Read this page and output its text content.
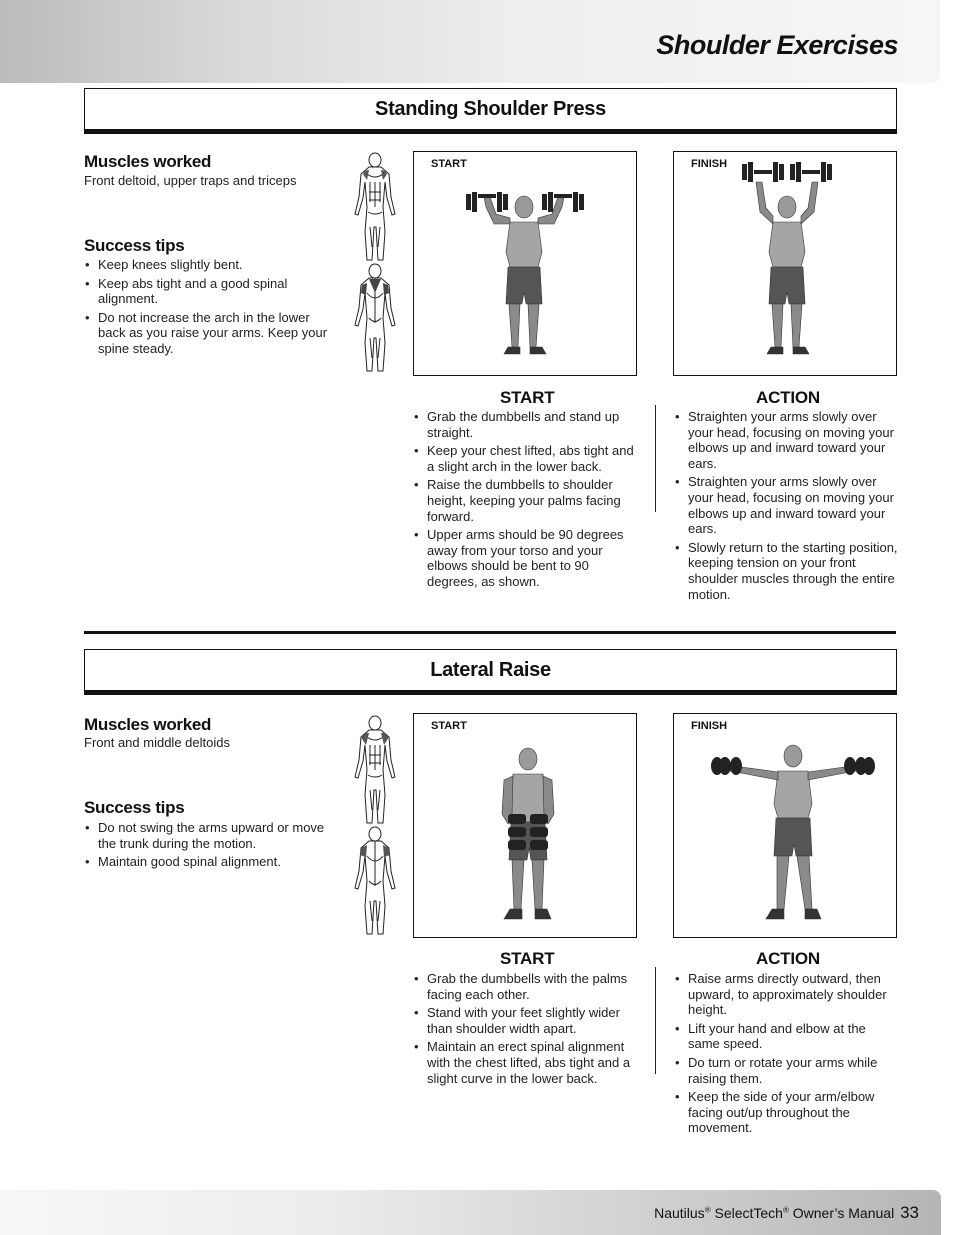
Shoulder Exercises
Standing Shoulder Press
Muscles worked
Front deltoid, upper traps and triceps
Success tips
• Keep knees slightly bent.
• Keep abs tight and a good spinal alignment.
• Do not increase the arch in the lower back as you raise your arms. Keep your spine steady.
START	FINISH
START
• Grab the dumbbells and stand up straight.
• Keep your chest lifted, abs tight and a slight arch in the lower back.
• Raise the dumbbells to shoulder height, keeping your palms facing forward.
• Upper arms should be 90 degrees away from your torso and your elbows should be bent to 90 degrees, as shown.
ACTION
• Straighten your arms slowly over your head, focusing on moving your elbows up and inward toward your ears.
• Straighten your arms slowly over your head, focusing on moving your elbows up and inward toward your ears.
• Slowly return to the starting position, keeping tension on your front shoulder muscles through the entire motion.
Lateral Raise
Muscles worked
Front and middle deltoids
Success tips
• Do not swing the arms upward or move the trunk during the motion.
• Maintain good spinal alignment.
START	FINISH
START
• Grab the dumbbells with the palms facing each other.
• Stand with your feet slightly wider than shoulder width apart.
• Maintain an erect spinal alignment with the chest lifted, abs tight and a slight curve in the lower back.
ACTION
• Raise arms directly outward, then upward, to approximately shoulder height.
• Lift your hand and elbow at the same speed.
• Do turn or rotate your arms while raising them.
• Keep the side of your arm/elbow facing out/up throughout the movement.
Nautilus® SelectTech® Owner’s Manual 33
